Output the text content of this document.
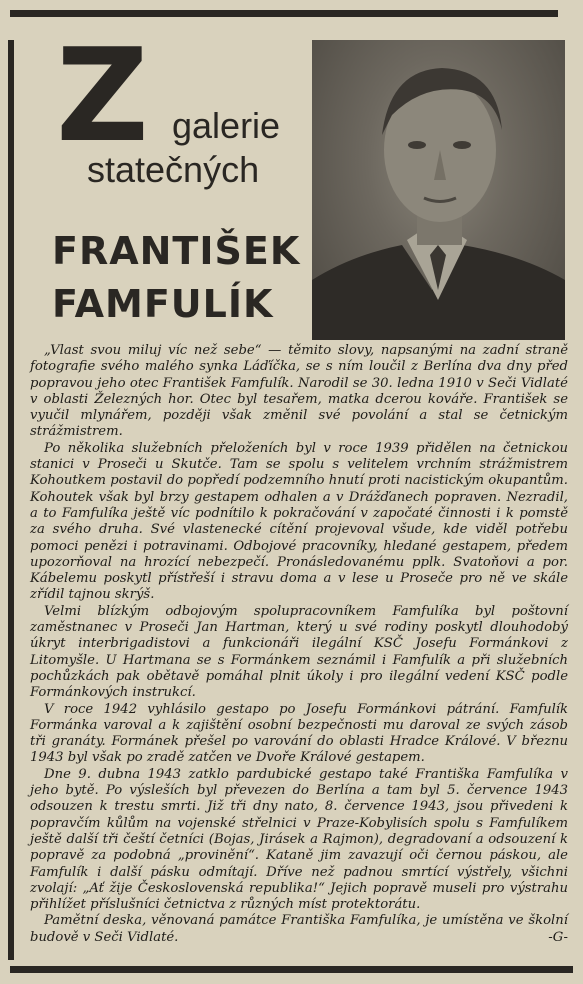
Z galerie
statečných
FRANTIŠEK
FAMFULÍK

„Vlast svou miluj víc než sebe“ — těmito slovy, napsanými na zadní straně fotografie svého malého synka Láďíčka, se s ním loučil z Berlína dva dny před popravou jeho otec František Famfulík. Narodil se 30. ledna 1910 v Seči Vidlaté v oblasti Železných hor. Otec byl tesařem, matka dcerou kováře. František se vyučil mlynářem, později však změnil své povolání a stal se četnickým strážmistrem.

Po několika služebních přeloženích byl v roce 1939 přidělen na četnickou stanici v Proseči u Skutče. Tam se spolu s velitelem vrchním strážmistrem Kohoutkem postavil do popředí podzemního hnutí proti nacistickým okupantům. Kohoutek však byl brzy gestapem odhalen a v Drážďanech popraven. Nezradil, a to Famfulíka ještě víc podnítilo k pokračování v započaté činnosti i k pomstě za svého druha. Své vlastenecké cítění projevoval všude, kde viděl potřebu pomoci penězi i potravinami. Odbojové pracovníky, hledané gestapem, předem upozorňoval na hrozící nebezpečí. Pronásledovanému pplk. Svatoňovi a por. Kábelemu poskytl přístřeší i stravu doma a v lese u Proseče pro ně ve skále zřídil tajnou skrýš.

Velmi blízkým odbojovým spolupracovníkem Famfulíka byl poštovní zaměstnanec v Proseči Jan Hartman, který u své rodiny poskytl dlouhodobý úkryt interbrigadistovi a funkcionáři ilegální KSČ Josefu Formánkovi z Litomyšle. U Hartmana se s Formánkem seznámil i Famfulík a při služebních pochůzkách pak obětavě pomáhal plnit úkoly i pro ilegální vedení KSČ podle Formánkových instrukcí.

V roce 1942 vyhlásilo gestapo po Josefu Formánkovi pátrání. Famfulík Formánka varoval a k zajištění osobní bezpečnosti mu daroval ze svých zásob tři granáty. Formánek přešel po varování do oblasti Hradce Králové. V březnu 1943 byl však po zradě zatčen ve Dvoře Králové gestapem.

Dne 9. dubna 1943 zatklo pardubické gestapo také Františka Famfulíka v jeho bytě. Po výsleších byl převezen do Berlína a tam byl 5. července 1943 odsouzen k trestu smrti. Již tři dny nato, 8. července 1943, jsou přivedeni k popravčím kůlům na vojenské střelnici v Praze-Kobylisích spolu s Famfulíkem ještě další tři čeští četníci (Bojas, Jirásek a Rajmon), degradovaní a odsouzení k popravě za podobná „provinění“. Kataně jim zavazují oči černou páskou, ale Famfulík i další pásku odmítají. Dříve než padnou smrtící výstřely, všichni zvolají: „Ať žije Československá republika!“ Jejich popravě museli pro výstrahu přihlížet příslušníci četnictva z různých míst protektorátu.

Pamětní deska, věnovaná památce Františka Famfulíka, je umístěna ve školní budově v Seči Vidlaté.	-G-
